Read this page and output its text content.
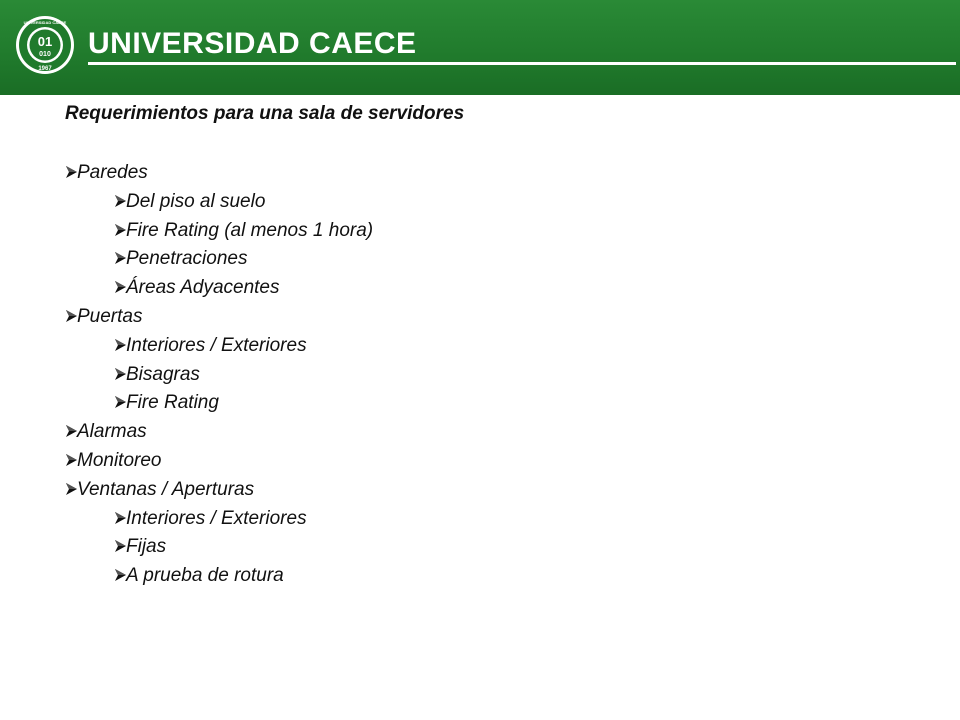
01
010
1967
UNIVERSIDAD CAECE
UNIVERSIDAD CAECE
Requerimientos para una sala de servidores
Paredes
Del piso al suelo
Fire Rating (al menos 1 hora)
Penetraciones
Áreas Adyacentes
Puertas
Interiores / Exteriores
Bisagras
Fire Rating
Alarmas
Monitoreo
Ventanas / Aperturas
Interiores / Exteriores
Fijas
A prueba de rotura
